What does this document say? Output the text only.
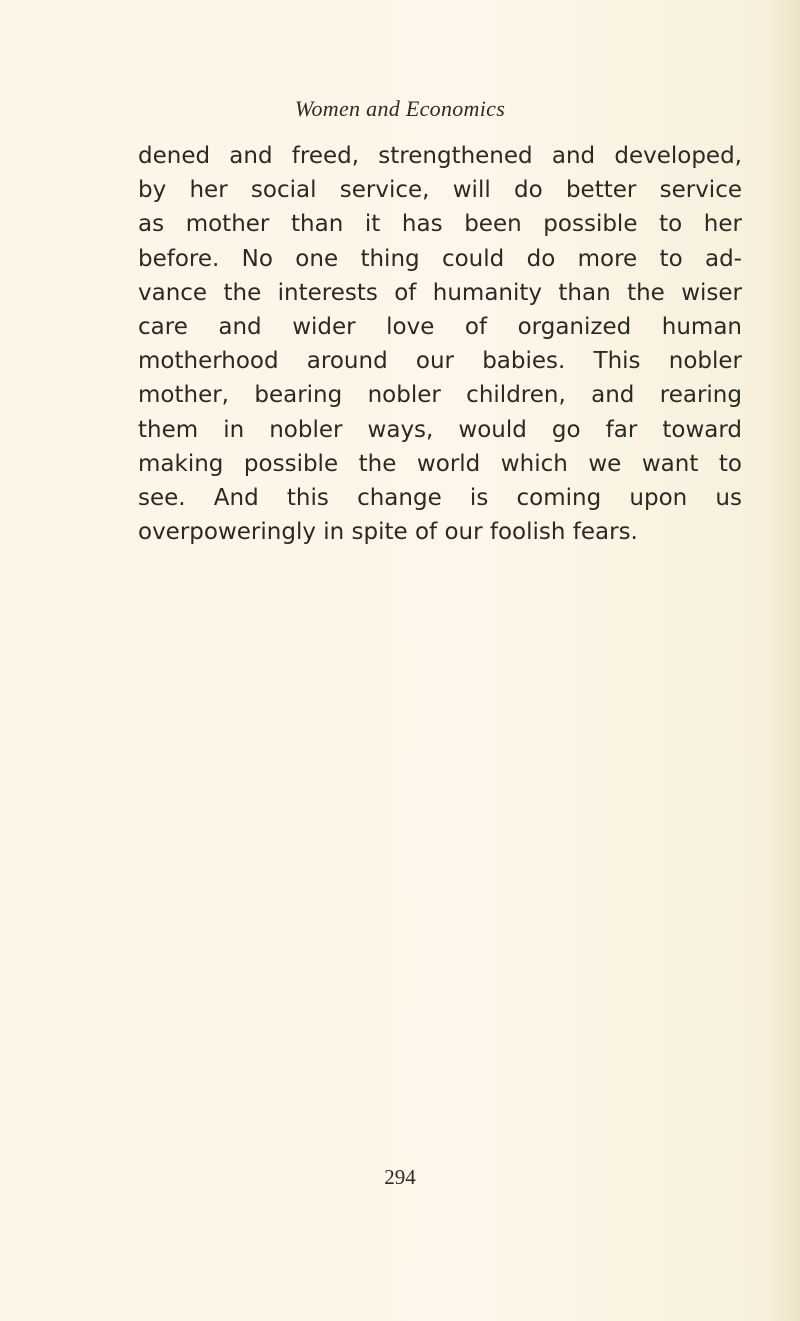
Women and Economics
dened and freed, strengthened and developed,
by her social service, will do better service
as mother than it has been possible to her
before. No one thing could do more to ad-
vance the interests of humanity than the wiser
care and wider love of organized human
motherhood around our babies. This nobler
mother, bearing nobler children, and rearing
them in nobler ways, would go far toward
making possible the world which we want to
see. And this change is coming upon us
overpoweringly in spite of our foolish fears.
294
